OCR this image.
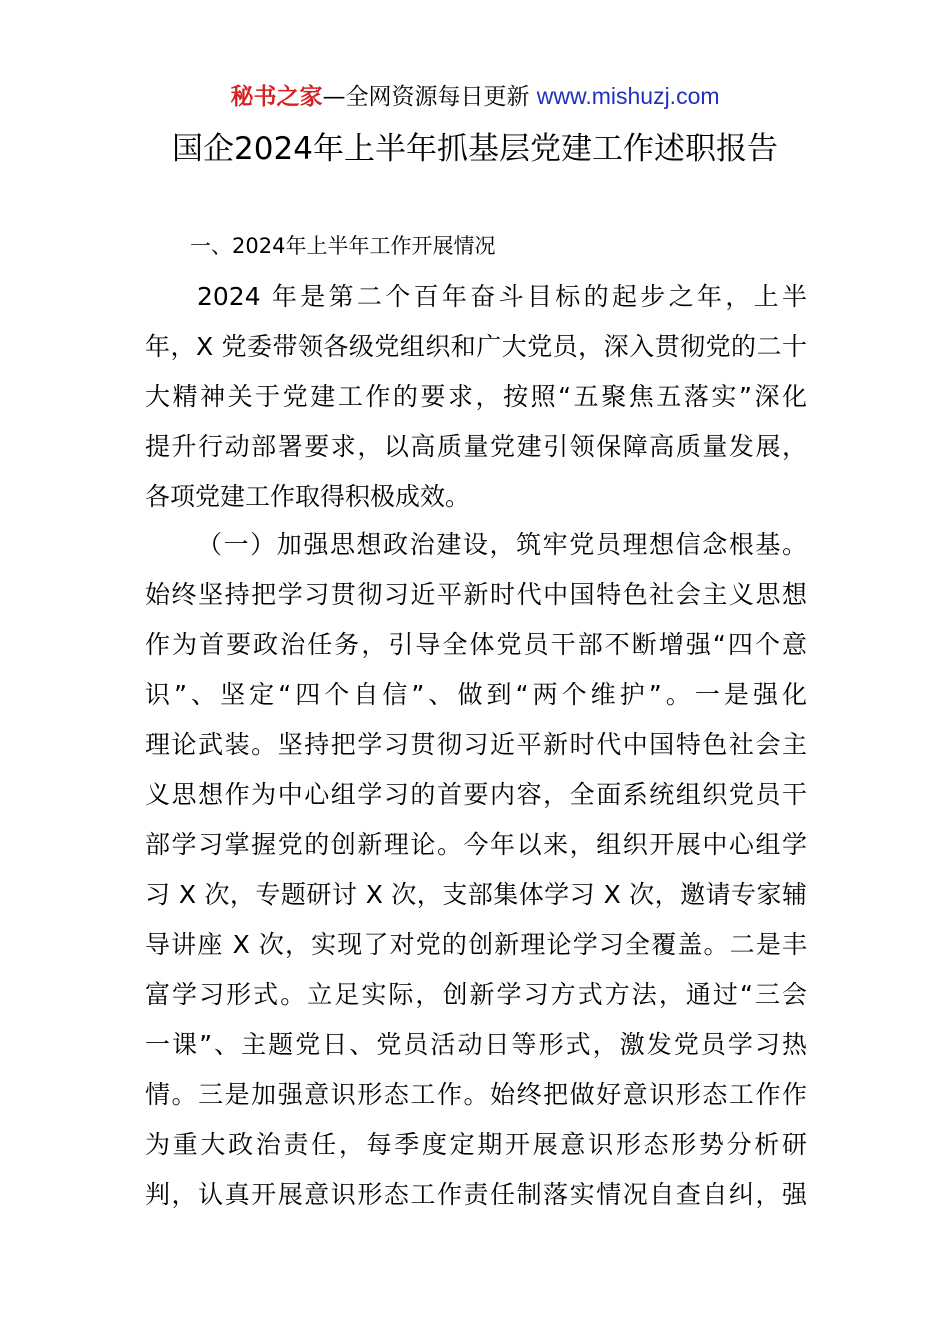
秘书之家—全网资源每日更新 www.mishuzj.com
国企2024年上半年抓基层党建工作述职报告
一、2024年上半年工作开展情况
2024 年是第二个百年奋斗目标的起步之年，上半
年，X 党委带领各级党组织和广大党员，深入贯彻党的二十
大精神关于党建工作的要求，按照“五聚焦五落实”深化
提升行动部署要求，以高质量党建引领保障高质量发展，
各项党建工作取得积极成效。
（一）加强思想政治建设，筑牢党员理想信念根基。
始终坚持把学习贯彻习近平新时代中国特色社会主义思想
作为首要政治任务，引导全体党员干部不断增强“四个意
识”、坚定“四个自信”、做到“两个维护”。一是强化
理论武装。坚持把学习贯彻习近平新时代中国特色社会主
义思想作为中心组学习的首要内容，全面系统组织党员干
部学习掌握党的创新理论。今年以来，组织开展中心组学
习 X 次，专题研讨 X 次，支部集体学习 X 次，邀请专家辅
导讲座 X 次，实现了对党的创新理论学习全覆盖。二是丰
富学习形式。立足实际，创新学习方式方法，通过“三会
一课”、主题党日、党员活动日等形式，激发党员学习热
情。三是加强意识形态工作。始终把做好意识形态工作作
为重大政治责任，每季度定期开展意识形态形势分析研
判，认真开展意识形态工作责任制落实情况自查自纠，强
